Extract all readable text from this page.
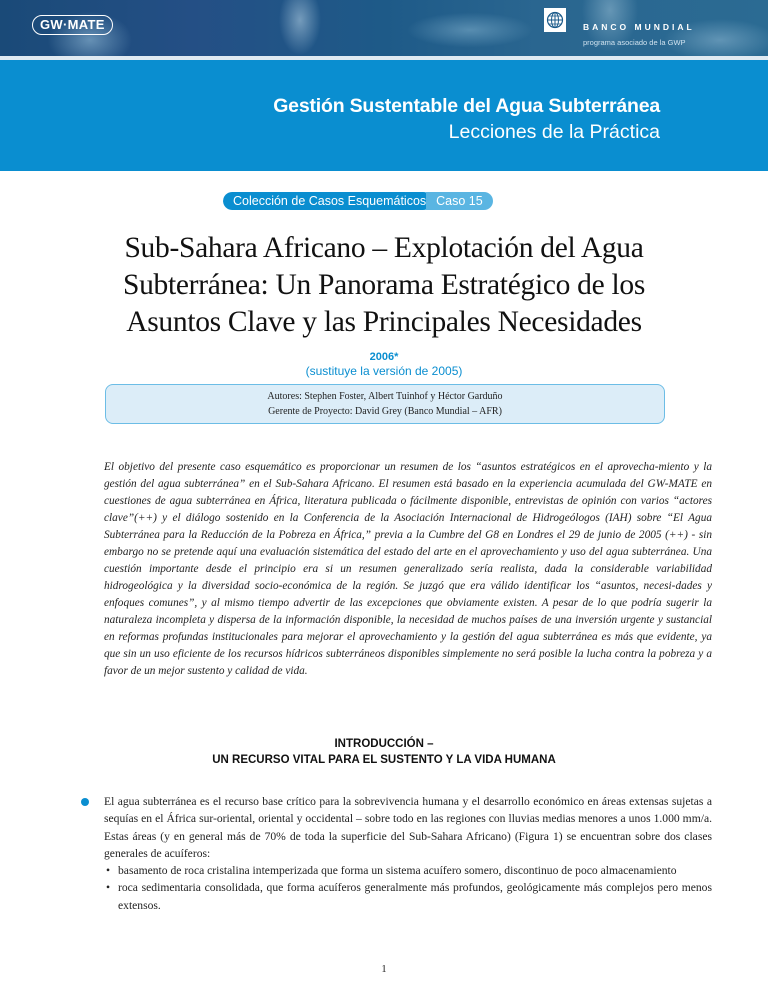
GW·MATE	BANCO MUNDIAL
programa asociado de la GWP
Gestión Sustentable del Agua Subterránea
Lecciones de la Práctica
Colección de Casos Esquemáticos Caso 15
Sub-Sahara Africano – Explotación del Agua
Subterránea: Un Panorama Estratégico de los
Asuntos Clave y las Principales Necesidades
2006*
(sustituye la versión de 2005)
Autores: Stephen Foster, Albert Tuinhof y Héctor Garduño
Gerente de Proyecto: David Grey (Banco Mundial – AFR)
El objetivo del presente caso esquemático es proporcionar un resumen de los “asuntos estratégicos en el aprovecha-miento y la gestión del agua subterránea” en el Sub-Sahara Africano. El resumen está basado en la experiencia acumulada del GW-MATE en cuestiones de agua subterránea en África, literatura publicada o fácilmente disponible, entrevistas de opinión con varios “actores clave”(++) y el diálogo sostenido en la Conferencia de la Asociación Internacional de Hidrogeólogos (IAH) sobre “El Agua Subterránea para la Reducción de la Pobreza en África,” previa a la Cumbre del G8 en Londres el 29 de junio de 2005 (++) - sin embargo no se pretende aquí una evaluación sistemática del estado del arte en el aprovechamiento y uso del agua subterránea. Una cuestión importante desde el principio era si un resumen generalizado sería realista, dada la considerable variabilidad hidrogeológica y la diversidad socio-económica de la región. Se juzgó que era válido identificar los “asuntos, necesi-dades y enfoques comunes”, y al mismo tiempo advertir de las excepciones que obviamente existen. A pesar de lo que podría sugerir la naturaleza incompleta y dispersa de la información disponible, la necesidad de muchos países de una inversión urgente y sustancial en reformas profundas institucionales para mejorar el aprovechamiento y la gestión del agua subterránea es más que evidente, ya que sin un uso eficiente de los recursos hídricos subterráneos disponibles simplemente no será posible la lucha contra la pobreza y a favor de un mejor sustento y calidad de vida.
INTRODUCCIÓN –
UN RECURSO VITAL PARA EL SUSTENTO Y LA VIDA HUMANA
El agua subterránea es el recurso base crítico para la sobrevivencia humana y el desarrollo económico en áreas extensas sujetas a sequías en el África sur-oriental, oriental y occidental – sobre todo en las regiones con lluvias medias menores a unos 1.000 mm/a. Estas áreas (y en general más de 70% de toda la superficie del Sub-Sahara Africano) (Figura 1) se encuentran sobre dos clases generales de acuíferos:
• basamento de roca cristalina intemperizada que forma un sistema acuífero somero, discontinuo de poco almacenamiento
• roca sedimentaria consolidada, que forma acuíferos generalmente más profundos, geológicamente más complejos pero menos extensos.
1
